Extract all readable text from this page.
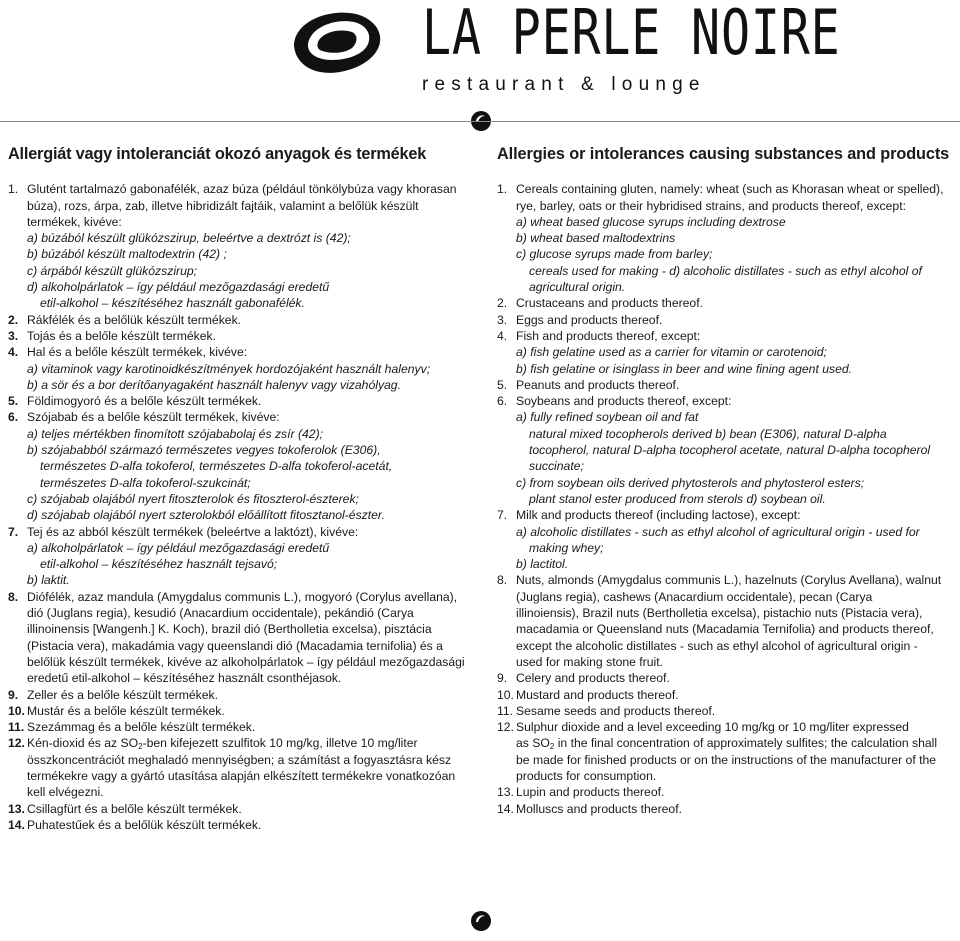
LA PERLE NOIRE
restaurant & lounge
Allergiát vagy intoleranciát okozó anyagok és termékek
1. Glutént tartalmazó gabonafélék, azaz búza (például tönkölybúza vagy khorasan
búza), rozs, árpa, zab, illetve hibridizált fajtáik, valamint a belőlük készült
termékek, kivéve:
a) búzából készült glükózszirup, beleértve a dextrózt is (42);
b) búzából készült maltodextrin (42) ;
c) árpából készült glükózszirup;
d) alkoholpárlatok – így például mezőgazdasági eredetű
etil-alkohol – készítéséhez használt gabonafélék.
2. Rákfélék és a belőlük készült termékek.
3. Tojás és a belőle készült termékek.
4. Hal és a belőle készült termékek, kivéve:
a) vitaminok vagy karotinoidkészítmények hordozójaként használt halenyv;
b) a sör és a bor derítőanyagaként használt halenyv vagy vizahólyag.
5. Földimogyoró és a belőle készült termékek.
6. Szójabab és a belőle készült termékek, kivéve:
a) teljes mértékben finomított szójababolaj és zsír (42);
b) szójababból származó természetes vegyes tokoferolok (E306),
természetes D-alfa tokoferol, természetes D-alfa tokoferol-acetát,
természetes D-alfa tokoferol-szukcinát;
c) szójabab olajából nyert fitoszterolok és fitoszterol-észterek;
d) szójabab olajából nyert szterolokból előállított fitosztanol-észter.
7. Tej és az abból készült termékek (beleértve a laktózt), kivéve:
a) alkoholpárlatok – így például mezőgazdasági eredetű
etil-alkohol – készítéséhez használt tejsavó;
b) laktit.
8. Diófélék, azaz mandula (Amygdalus communis L.), mogyoró (Corylus avellana),
dió (Juglans regia), kesudió (Anacardium occidentale), pekándió (Carya
illinoinensis [Wangenh.] K. Koch), brazil dió (Bertholletia excelsa), pisztácia
(Pistacia vera), makadámia vagy queenslandi dió (Macadamia ternifolia) és a
belőlük készült termékek, kivéve az alkoholpárlatok – így például mezőgazdasági
eredetű etil-alkohol – készítéséhez használt csonthéjasok.
9. Zeller és a belőle készült termékek.
10. Mustár és a belőle készült termékek.
11. Szezámmag és a belőle készült termékek.
12. Kén-dioxid és az $SO_2$-ben kifejezett szulfitok 10 mg/kg, illetve 10 mg/liter
összkoncentrációt meghaladó mennyiségben; a számítást a fogyasztásra kész
termékekre vagy a gyártó utasítása alapján elkészített termékekre vonatkozóan
kell elvégezni.
13. Csillagfürt és a belőle készült termékek.
14. Puhatestűek és a belőlük készült termékek.
Allergies or intolerances causing substances and products
1. Cereals containing gluten, namely: wheat (such as Khorasan wheat or spelled),
rye, barley, oats or their hybridised strains, and products thereof, except:
a) wheat based glucose syrups including dextrose
b) wheat based maltodextrins
c) glucose syrups made from barley;
cereals used for making - d) alcoholic distillates - such as ethyl alcohol of
agricultural origin.
2. Crustaceans and products thereof.
3. Eggs and products thereof.
4. Fish and products thereof, except:
a) fish gelatine used as a carrier for vitamin or carotenoid;
b) fish gelatine or isinglass in beer and wine fining agent used.
5. Peanuts and products thereof.
6. Soybeans and products thereof, except:
a) fully refined soybean oil and fat
natural mixed tocopherols derived b) bean (E306), natural D-alpha
tocopherol, natural D-alpha tocopherol acetate, natural D-alpha tocopherol
succinate;
c) from soybean oils derived phytosterols and phytosterol esters;
plant stanol ester produced from sterols d) soybean oil.
7. Milk and products thereof (including lactose), except:
a) alcoholic distillates - such as ethyl alcohol of agricultural origin - used for
making whey;
b) lactitol.
8. Nuts, almonds (Amygdalus communis L.), hazelnuts (Corylus Avellana), walnut
(Juglans regia), cashews (Anacardium occidentale), pecan (Carya
illinoiensis), Brazil nuts (Bertholletia excelsa), pistachio nuts (Pistacia vera),
macadamia or Queensland nuts (Macadamia Ternifolia) and products thereof,
except the alcoholic distillates - such as ethyl alcohol of agricultural origin -
used for making stone fruit.
9. Celery and products thereof.
10. Mustard and products thereof.
11. Sesame seeds and products thereof.
12. Sulphur dioxide and a level exceeding 10 mg/kg or 10 mg/liter expressed
as $SO_2$ in the final concentration of approximately sulfites; the calculation shall
be made for finished products or on the instructions of the manufacturer of the
products for consumption.
13. Lupin and products thereof.
14. Molluscs and products thereof.
